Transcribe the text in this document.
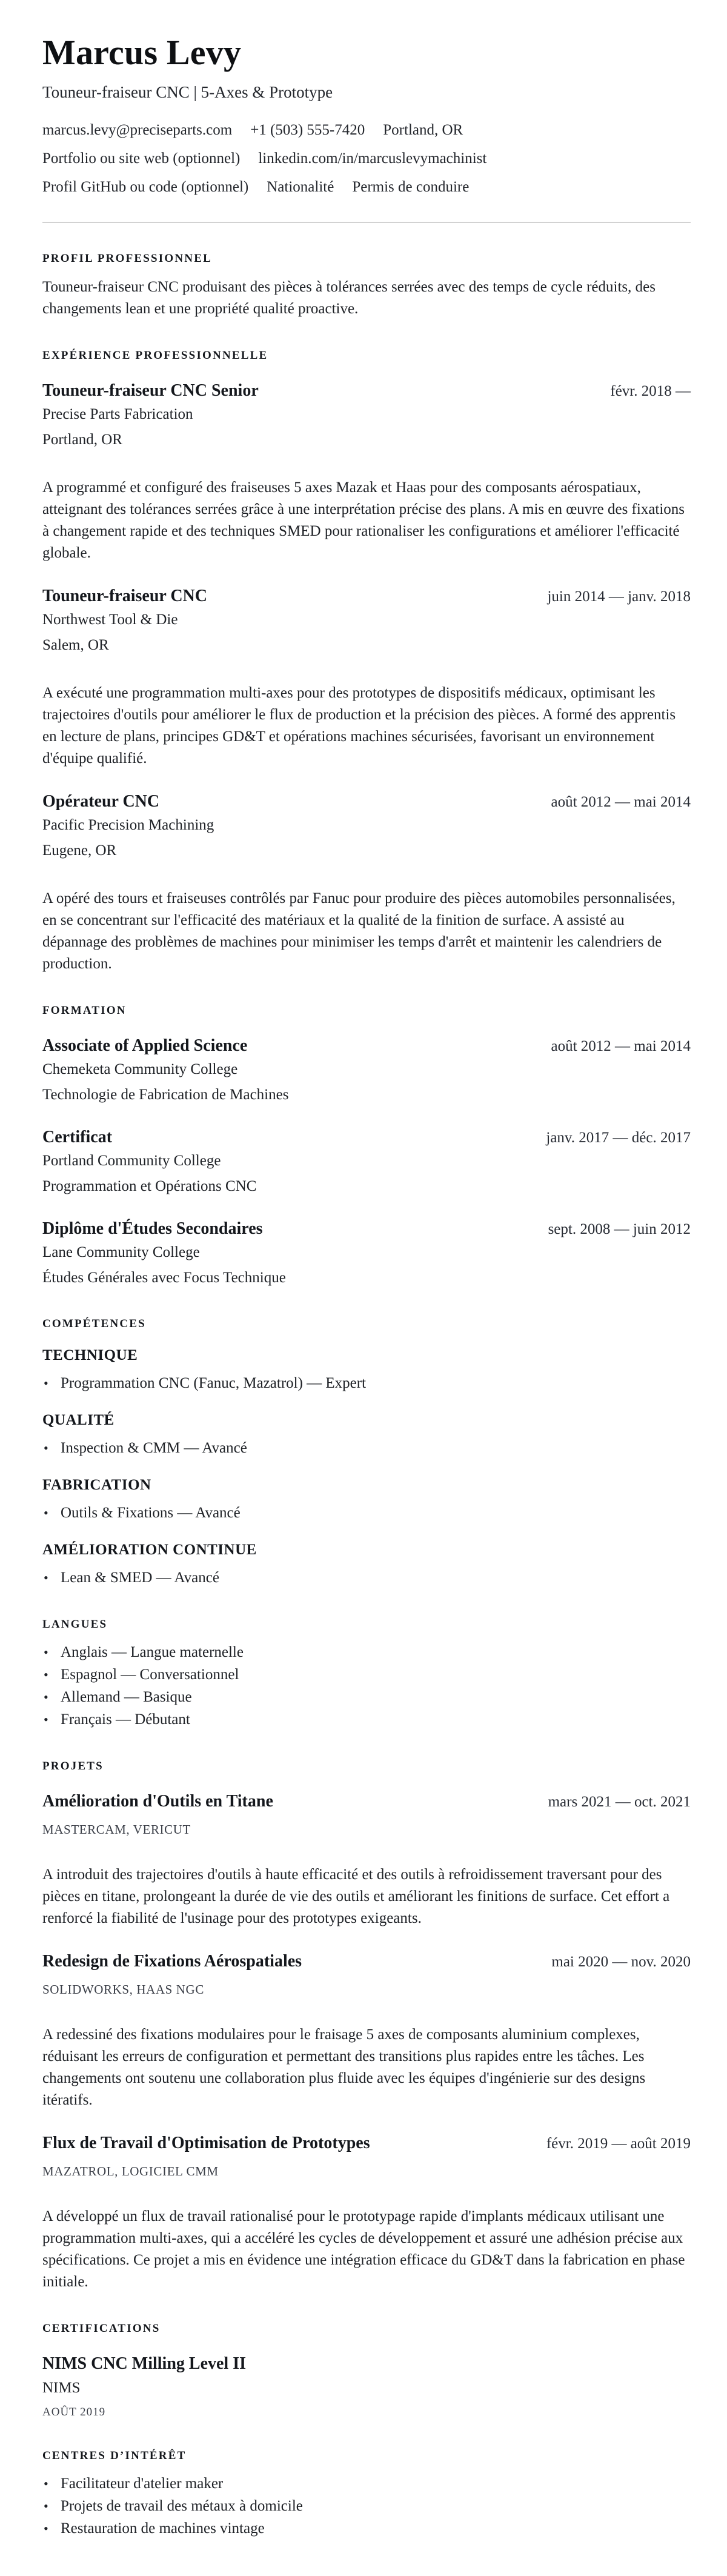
Marcus Levy
Touneur-fraiseur CNC | 5-Axes & Prototype
marcus.levy@preciseparts.com +1 (503) 555-7420 Portland, OR
Portfolio ou site web (optionnel) linkedin.com/in/marcuslevymachinist
Profil GitHub ou code (optionnel) Nationalité Permis de conduire
PROFIL PROFESSIONNEL

Touneur-fraiseur CNC produisant des pièces à tolérances serrées avec des temps de cycle réduits, des changements lean et une propriété qualité proactive.

EXPÉRIENCE PROFESSIONNELLE
Touneur-fraiseur CNC Senior	févr. 2018 —
Precise Parts Fabrication
Portland, OR

A programmé et configuré des fraiseuses 5 axes Mazak et Haas pour des composants aérospatiaux, atteignant des tolérances serrées grâce à une interprétation précise des plans. A mis en œuvre des fixations à changement rapide et des techniques SMED pour rationaliser les configurations et améliorer l'efficacité globale.

Touneur-fraiseur CNC	juin 2014 — janv. 2018
Northwest Tool & Die
Salem, OR

A exécuté une programmation multi-axes pour des prototypes de dispositifs médicaux, optimisant les trajectoires d'outils pour améliorer le flux de production et la précision des pièces. A formé des apprentis en lecture de plans, principes GD&T et opérations machines sécurisées, favorisant un environnement d'équipe qualifié.

Opérateur CNC	août 2012 — mai 2014
Pacific Precision Machining
Eugene, OR

A opéré des tours et fraiseuses contrôlés par Fanuc pour produire des pièces automobiles personnalisées, en se concentrant sur l'efficacité des matériaux et la qualité de la finition de surface. A assisté au dépannage des problèmes de machines pour minimiser les temps d'arrêt et maintenir les calendriers de production.

FORMATION
Associate of Applied Science	août 2012 — mai 2014
Chemeketa Community College
Technologie de Fabrication de Machines
Certificat	janv. 2017 — déc. 2017
Portland Community College
Programmation et Opérations CNC
Diplôme d'Études Secondaires	sept. 2008 — juin 2012
Lane Community College
Études Générales avec Focus Technique
COMPÉTENCES
TECHNIQUE
• Programmation CNC (Fanuc, Mazatrol) — Expert
QUALITÉ
• Inspection & CMM — Avancé
FABRICATION
• Outils & Fixations — Avancé
AMÉLIORATION CONTINUE
• Lean & SMED — Avancé
LANGUES
• Anglais — Langue maternelle
• Espagnol — Conversationnel
• Allemand — Basique
• Français — Débutant
PROJETS
Amélioration d'Outils en Titane	mars 2021 — oct. 2021
MASTERCAM, VERICUT

A introduit des trajectoires d'outils à haute efficacité et des outils à refroidissement traversant pour des pièces en titane, prolongeant la durée de vie des outils et améliorant les finitions de surface. Cet effort a renforcé la fiabilité de l'usinage pour des prototypes exigeants.

Redesign de Fixations Aérospatiales	mai 2020 — nov. 2020
SOLIDWORKS, HAAS NGC

A redessiné des fixations modulaires pour le fraisage 5 axes de composants aluminium complexes, réduisant les erreurs de configuration et permettant des transitions plus rapides entre les tâches. Les changements ont soutenu une collaboration plus fluide avec les équipes d'ingénierie sur des designs itératifs.

Flux de Travail d'Optimisation de Prototypes	févr. 2019 — août 2019
MAZATROL, LOGICIEL CMM

A développé un flux de travail rationalisé pour le prototypage rapide d'implants médicaux utilisant une programmation multi-axes, qui a accéléré les cycles de développement et assuré une adhésion précise aux spécifications. Ce projet a mis en évidence une intégration efficace du GD&T dans la fabrication en phase initiale.

CERTIFICATIONS
NIMS CNC Milling Level II
NIMS
AOÛT 2019
CENTRES D’INTÉRÊT
• Facilitateur d'atelier maker
• Projets de travail des métaux à domicile
• Restauration de machines vintage
